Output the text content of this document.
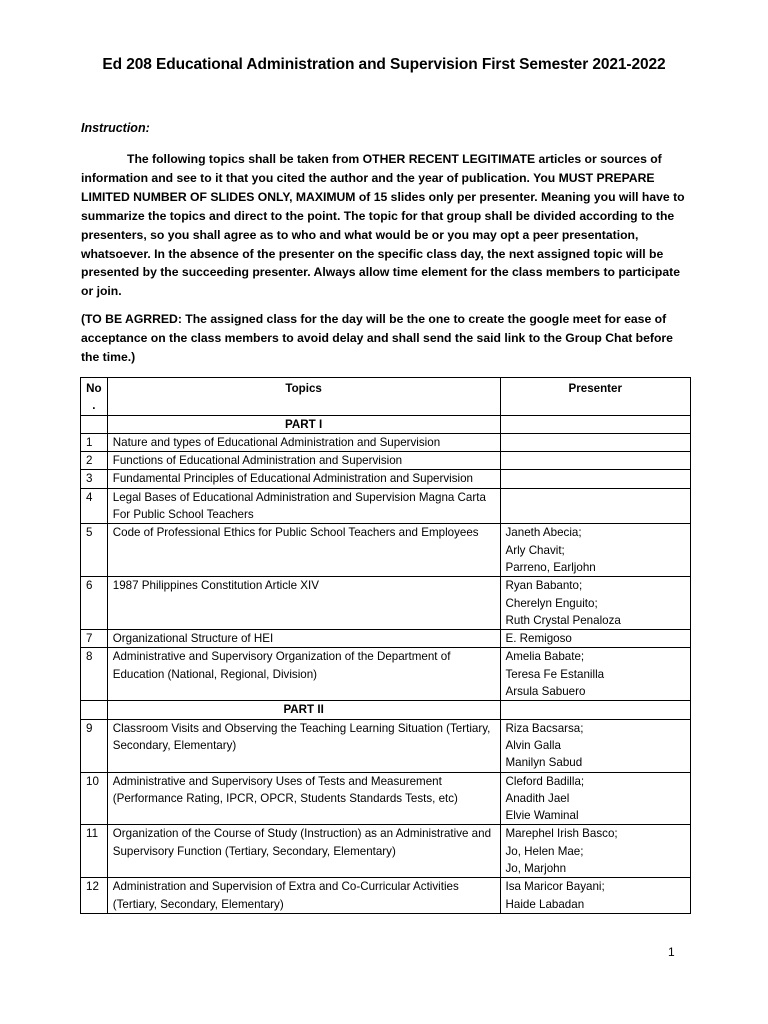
Ed 208 Educational Administration and Supervision First Semester 2021-2022
Instruction:

The following topics shall be taken from OTHER RECENT LEGITIMATE articles or sources of information and see to it that you cited the author and the year of publication. You MUST PREPARE LIMITED NUMBER OF SLIDES ONLY, MAXIMUM of 15 slides only per presenter. Meaning you will have to summarize the topics and direct to the point. The topic for that group shall be divided according to the presenters, so you shall agree as to who and what would be or you may opt a peer presentation, whatsoever. In the absence of the presenter on the specific class day, the next assigned topic will be presented by the succeeding presenter. Always allow time element for the class members to participate or join.

(TO BE AGRRED: The assigned class for the day will be the one to create the google meet for ease of acceptance on the class members to avoid delay and shall send the said link to the Group Chat before the time.)

No .	Topics	Presenter
	PART I	
1	Nature and types of Educational Administration and Supervision	
2	Functions of Educational Administration and Supervision	
3	Fundamental Principles of Educational Administration and Supervision	
4	Legal Bases of Educational Administration and Supervision Magna Carta For Public School Teachers	
5	Code of Professional Ethics for Public School Teachers and Employees	Janeth Abecia;
Arly Chavit;
Parreno, Earljohn

6	1987 Philippines Constitution Article XIV	Ryan Babanto;
Cherelyn Enguito;
Ruth Crystal Penaloza

7	Organizational Structure of HEI	E. Remigoso

8	Administrative and Supervisory Organization of the Department of Education (National, Regional, Division)	Amelia Babate;
Teresa Fe Estanilla
Arsula Sabuero

	PART II	
9	Classroom Visits and Observing the Teaching Learning Situation (Tertiary, Secondary, Elementary)	Riza Bacsarsa;
Alvin Galla
Manilyn Sabud

10	Administrative and Supervisory Uses of Tests and Measurement (Performance Rating, IPCR, OPCR, Students Standards Tests, etc)	Cleford Badilla;
Anadith Jael
Elvie Waminal

11	Organization of the Course of Study (Instruction) as an Administrative and Supervisory Function (Tertiary, Secondary, Elementary)	Marephel Irish Basco;
Jo, Helen Mae;
Jo, Marjohn

12	Administration and Supervision of Extra and Co-Curricular Activities (Tertiary, Secondary, Elementary)	Isa Maricor Bayani;
Haide Labadan
1
